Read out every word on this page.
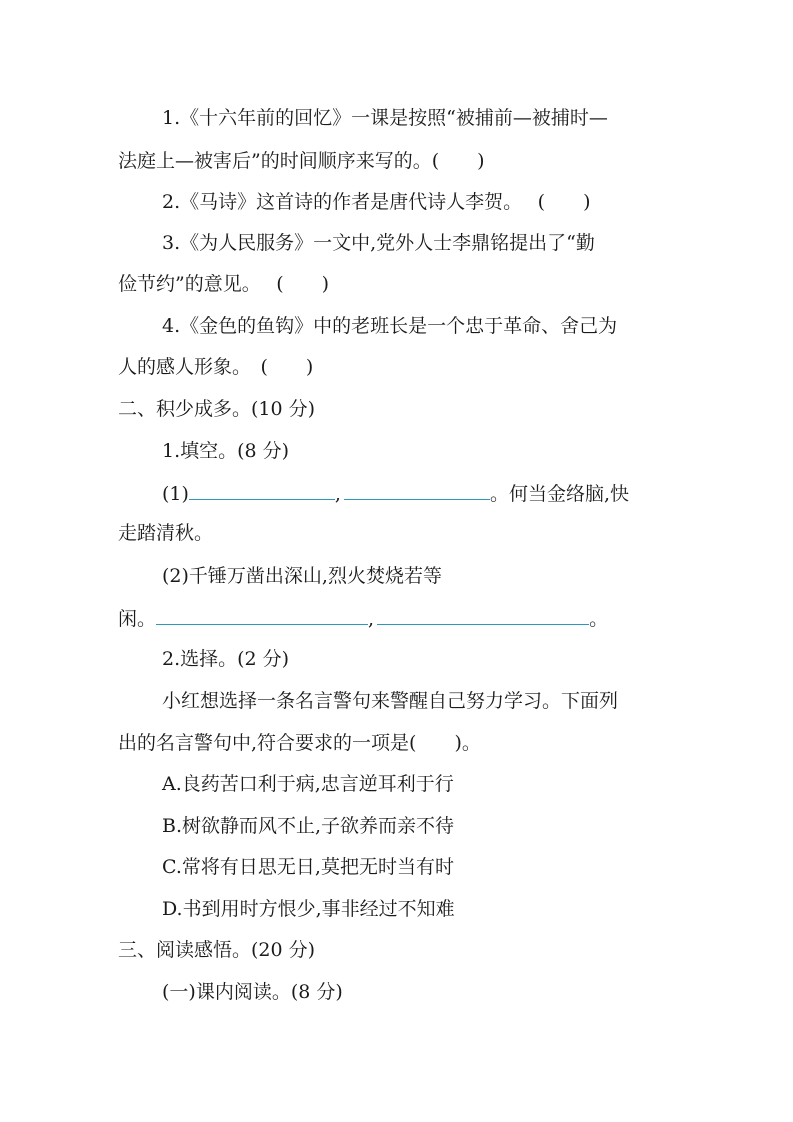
1.《十六年前的回忆》一课是按照“被捕前—被捕时—
法庭上—被害后”的时间顺序来写的。(　　)
2.《马诗》这首诗的作者是唐代诗人李贺。　 (　　)
3.《为人民服务》一文中,党外人士李鼎铭提出了“勤
俭节约”的意见。　 (　　)
4.《金色的鱼钩》中的老班长是一个忠于革命、舍己为
人的感人形象。　(　　)
二、积少成多。(10 分)
1.填空。(8 分)
(1)	,	。何当金络脑,快
走踏清秋。
(2)千锤万凿出深山,烈火焚烧若等
闲。	,	。
2.选择。(2 分)
小红想选择一条名言警句来警醒自己努力学习。下面列
出的名言警句中,符合要求的一项是(　　)。
A.良药苦口利于病,忠言逆耳利于行
B.树欲静而风不止,子欲养而亲不待
C.常将有日思无日,莫把无时当有时
D.书到用时方恨少,事非经过不知难
三、阅读感悟。(20 分)
(一)课内阅读。(8 分)
